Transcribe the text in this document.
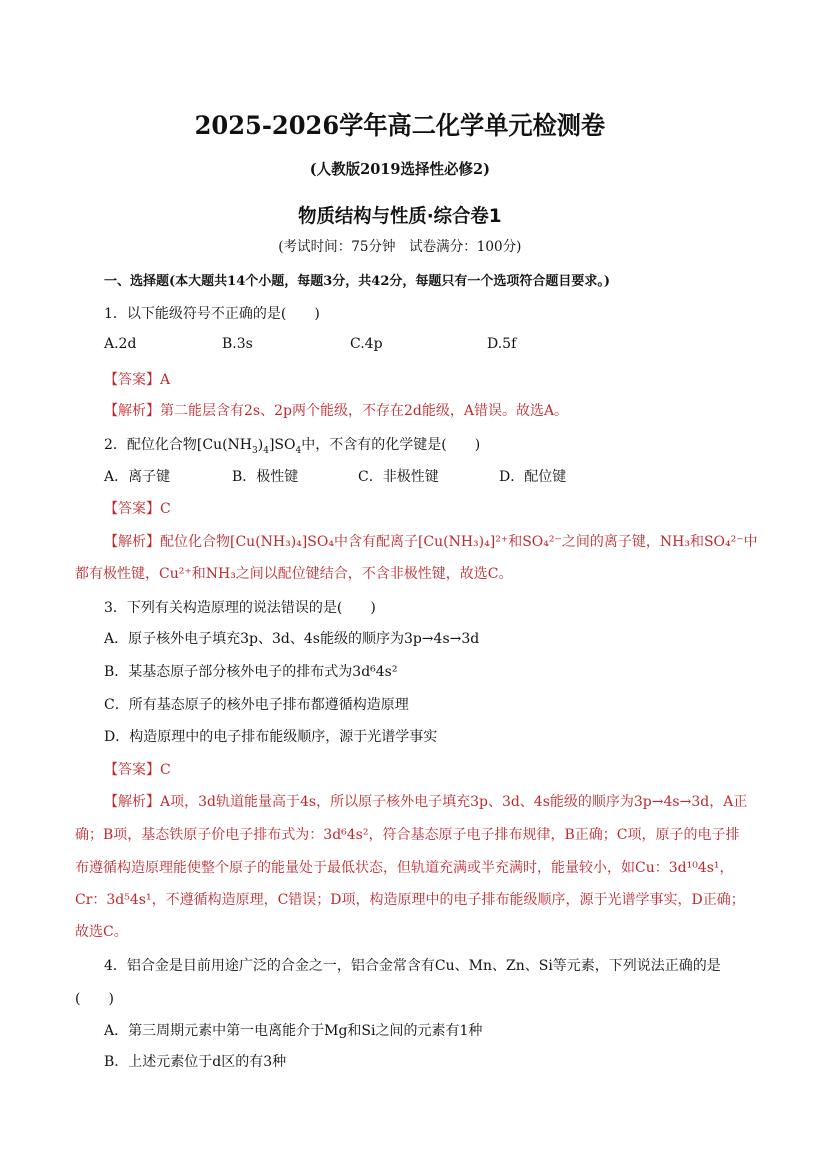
2025-2026学年高二化学单元检测卷
(人教版2019选择性必修2)
物质结构与性质·综合卷1
(考试时间：75分钟　试卷满分：100分)
一、选择题(本大题共14个小题，每题3分，共42分，每题只有一个选项符合题目要求。)
1．以下能级符号不正确的是(　　)
A.2d	B.3s	C.4p	D.5f
【答案】A
【解析】第二能层含有2s、2p两个能级，不存在2d能级，A错误。故选A。
2．配位化合物$[Cu(NH_3)_4]SO_4$中，不含有的化学键是(　　)
A．离子键	B．极性键	C．非极性键	D．配位键
【答案】C
【解析】配位化合物[Cu(NH₃)₄]SO₄中含有配离子[Cu(NH₃)₄]²⁺和SO₄²⁻之间的离子键，NH₃和SO₄²⁻中
都有极性键，Cu²⁺和NH₃之间以配位键结合，不含非极性键，故选C。
3．下列有关构造原理的说法错误的是(　　)
A．原子核外电子填充3p、3d、4s能级的顺序为3p→4s→3d
B．某基态原子部分核外电子的排布式为3d⁶4s²
C．所有基态原子的核外电子排布都遵循构造原理
D．构造原理中的电子排布能级顺序，源于光谱学事实
【答案】C
【解析】A项，3d轨道能量高于4s，所以原子核外电子填充3p、3d、4s能级的顺序为3p→4s→3d，A正
确；B项，基态铁原子价电子排布式为：3d⁶4s²，符合基态原子电子排布规律，B正确；C项，原子的电子排
布遵循构造原理能使整个原子的能量处于最低状态，但轨道充满或半充满时，能量较小，如Cu：3d¹⁰4s¹，
Cr：3d⁵4s¹，不遵循构造原理，C错误；D项，构造原理中的电子排布能级顺序，源于光谱学事实，D正确；
故选C。
4．铝合金是目前用途广泛的合金之一，铝合金常含有Cu、Mn、Zn、Si等元素，下列说法正确的是
(　　)
A．第三周期元素中第一电离能介于Mg和Si之间的元素有1种
B．上述元素位于d区的有3种
